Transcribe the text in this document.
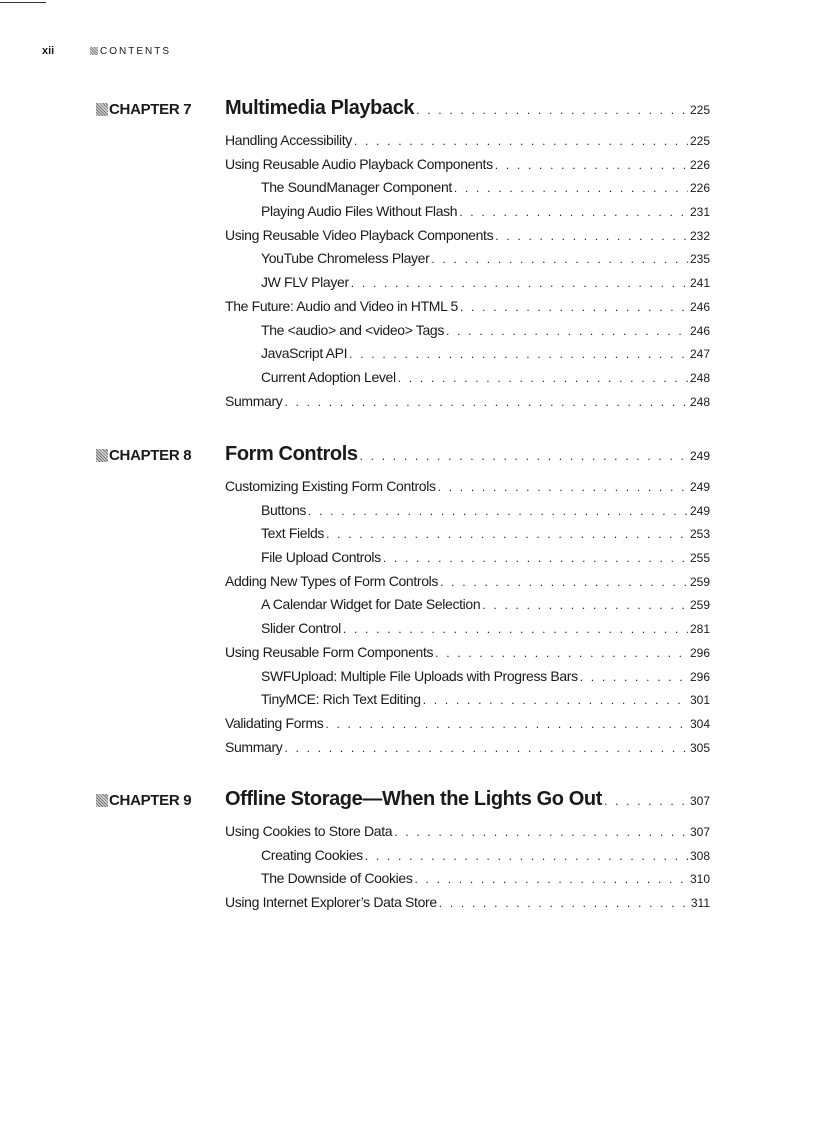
xii	CONTENTS
CHAPTER 7 Multimedia Playback . . .	225
Handling Accessibility . . .	225
Using Reusable Audio Playback Components . . .	226
The SoundManager Component . . .	226
Playing Audio Files Without Flash . . .	231
Using Reusable Video Playback Components . . .	232
YouTube Chromeless Player . . .	235
JW FLV Player . . .	241
The Future: Audio and Video in HTML 5 . . .	246
The <audio> and <video> Tags . . .	246
JavaScript API . . .	247
Current Adoption Level . . .	248
Summary . . .	248
CHAPTER 8 Form Controls . . .	249
Customizing Existing Form Controls . . .	249
Buttons . . .	249
Text Fields . . .	253
File Upload Controls . . .	255
Adding New Types of Form Controls . . .	259
A Calendar Widget for Date Selection . . .	259
Slider Control . . .	281
Using Reusable Form Components . . .	296
SWFUpload: Multiple File Uploads with Progress Bars . . .	296
TinyMCE: Rich Text Editing . . .	301
Validating Forms . . .	304
Summary . . .	305
CHAPTER 9 Offline Storage—When the Lights Go Out . . .	307
Using Cookies to Store Data . . .	307
Creating Cookies . . .	308
The Downside of Cookies . . .	310
Using Internet Explorer’s Data Store . . .	311
